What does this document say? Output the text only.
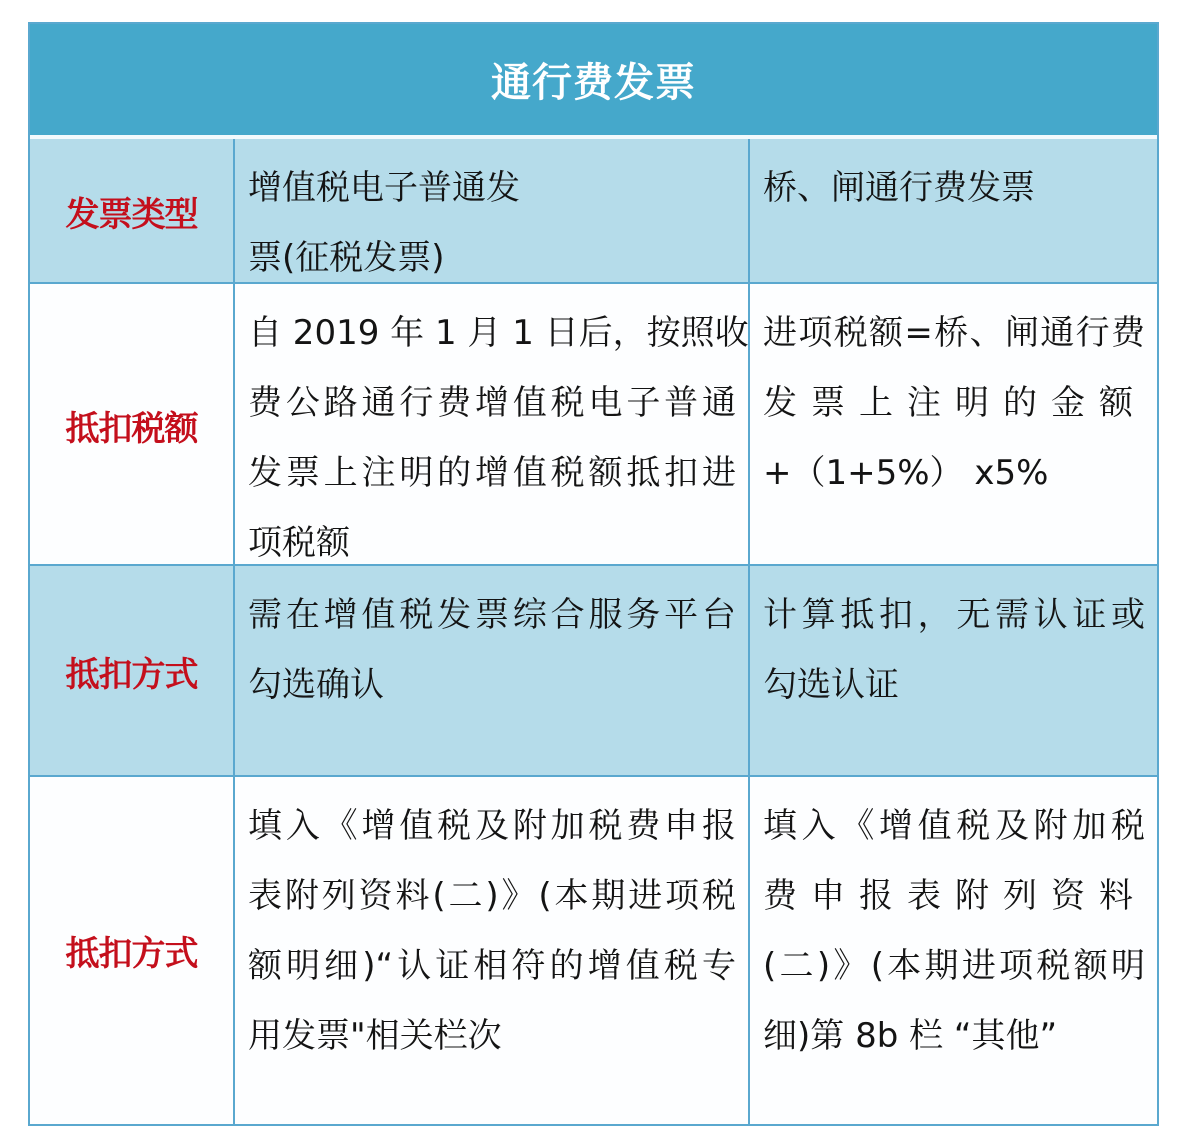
通行费发票
发票类型
增值税电子普通发
票(征税发票)
桥、闸通行费发票
抵扣税额
自 2019 年 1 月 1 日后，按照收
费公路通行费增值税电子普通
发票上注明的增值税额抵扣进
项税额
进项税额=桥、闸通行费
发票上注明的金额
+（1+5%） x5%
抵扣方式
需在增值税发票综合服务平台
勾选确认
计算抵扣，无需认证或
勾选认证
抵扣方式
填入《增值税及附加税费申报
表附列资料(二)》(本期进项税
额明细)“认证相符的增值税专
用发票"相关栏次
填入《增值税及附加税
费申报表附列资料
(二)》(本期进项税额明
细)第 8b 栏 “其他”
